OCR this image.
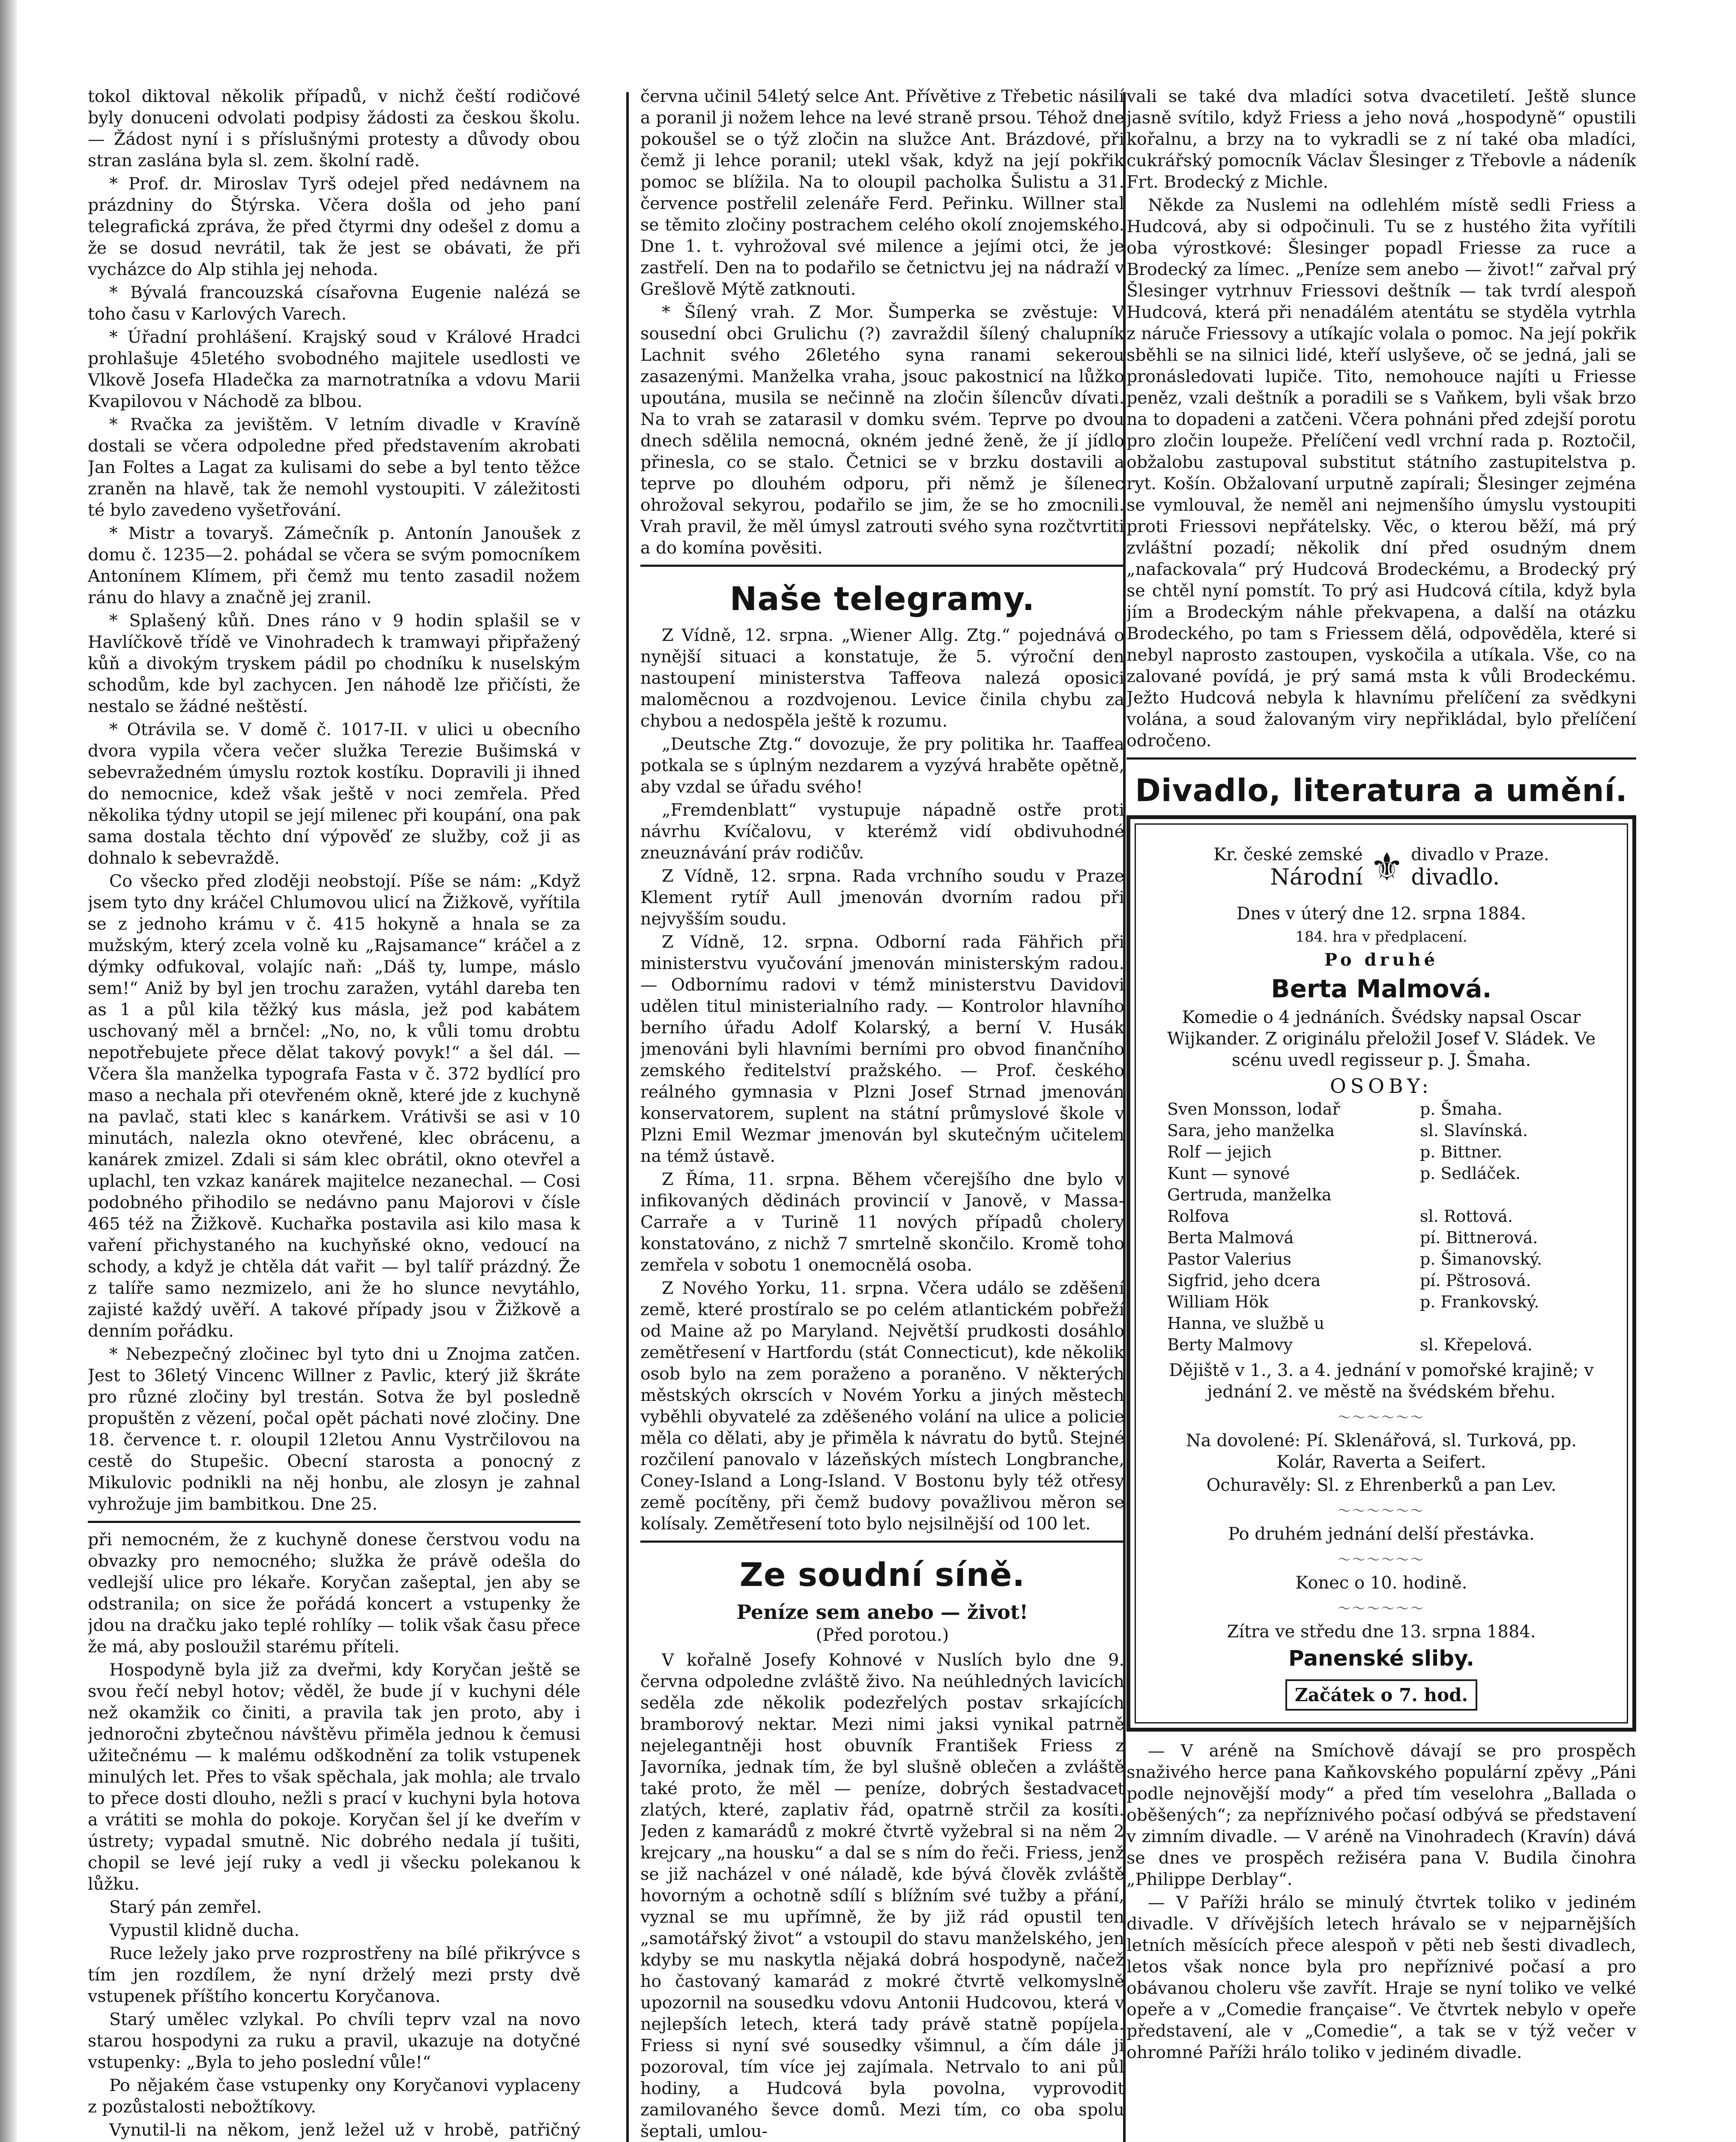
tokol diktoval několik případů, v nichž čeští rodičové byly donuceni odvolati podpisy žádosti za českou školu. — Žádost nyní i s příslušnými protesty a důvody obou stran zaslána byla sl. zem. školní radě.

* Prof. dr. Miroslav Tyrš odejel před nedávnem na prázdniny do Štýrska. Včera došla od jeho paní telegrafická zpráva, že před čtyrmi dny odešel z domu a že se dosud nevrátil, tak že jest se obávati, že při vycházce do Alp stihla jej nehoda.

* Bývalá francouzská císařovna Eugenie nalézá se toho času v Karlových Varech.

* Úřadní prohlášení. Krajský soud v Králové Hradci prohlašuje 45letého svobodného majitele usedlosti ve Vlkově Josefa Hladečka za marnotratníka a vdovu Marii Kvapilovou v Náchodě za blbou.

* Rvačka za jevištěm. V letním divadle v Kravíně dostali se včera odpoledne před představením akrobati Jan Foltes a Lagat za kulisami do sebe a byl tento těžce zraněn na hlavě, tak že nemohl vystoupiti. V záležitosti té bylo zavedeno vyšetřování.

* Mistr a tovaryš. Zámečník p. Antonín Janoušek z domu č. 1235—2. pohádal se včera se svým pomocníkem Antonínem Klímem, při čemž mu tento zasadil nožem ránu do hlavy a značně jej zranil.

* Splašený kůň. Dnes ráno v 9 hodin splašil se v Havlíčkově třídě ve Vinohradech k tramwayi připřažený kůň a divokým tryskem pádil po chodníku k nuselským schodům, kde byl zachycen. Jen náhodě lze přičísti, že nestalo se žádné neštěstí.

* Otrávila se. V domě č. 1017-II. v ulici u obecního dvora vypila včera večer služka Terezie Bušimská v sebevražedném úmyslu roztok kostíku. Dopravili ji ihned do nemocnice, kdež však ještě v noci zemřela. Před několika týdny utopil se její milenec při koupání, ona pak sama dostala těchto dní výpověď ze služby, což ji as dohnalo k sebevraždě.

Co všecko před zloději neobstojí. Píše se nám: „Když jsem tyto dny kráčel Chlumovou ulicí na Žižkově, vyřítila se z jednoho krámu v č. 415 hokyně a hnala se za mužským, který zcela volně ku „Rajsamance“ kráčel a z dýmky odfukoval, volajíc naň: „Dáš ty, lumpe, máslo sem!“ Aniž by byl jen trochu zaražen, vytáhl dareba ten as 1 a půl kila těžký kus másla, jež pod kabátem uschovaný měl a brnčel: „No, no, k vůli tomu drobtu nepotřebujete přece dělat takový povyk!“ a šel dál. — Včera šla manželka typografa Fasta v č. 372 bydlící pro maso a nechala při otevřeném okně, které jde z kuchyně na pavlač, stati klec s kanárkem. Vrátivši se asi v 10 minutách, nalezla okno otevřené, klec obrácenu, a kanárek zmizel. Zdali si sám klec obrátil, okno otevřel a uplachl, ten vzkaz kanárek majitelce nezanechal. — Cosi podobného přihodilo se nedávno panu Majorovi v čísle 465 též na Žižkově. Kuchařka postavila asi kilo masa k vaření přichystaného na kuchyňské okno, vedoucí na schody, a když je chtěla dát vařit — byl talíř prázdný. Že z talíře samo nezmizelo, ani že ho slunce nevytáhlo, zajisté každý uvěří. A takové případy jsou v Žižkově a denním pořádku.

* Nebezpečný zločinec byl tyto dni u Znojma zatčen. Jest to 36letý Vincenc Willner z Pavlic, který již škráte pro různé zločiny byl trestán. Sotva že byl posledně propuštěn z vězení, počal opět páchati nové zločiny. Dne 18. července t. r. oloupil 12letou Annu Vystrčilovou na cestě do Stupešic. Obecní starosta a ponocný z Mikulovic podnikli na něj honbu, ale zlosyn je zahnal vyhrožuje jim bambitkou. Dne 25.

při nemocném, že z kuchyně donese čerstvou vodu na obvazky pro nemocného; služka že právě odešla do vedlejší ulice pro lékaře. Koryčan zašeptal, jen aby se odstranila; on sice že pořádá koncert a vstupenky že jdou na dračku jako teplé rohlíky — tolik však času přece že má, aby posloužil starému příteli.

Hospodyně byla již za dveřmi, kdy Koryčan ještě se svou řečí nebyl hotov; věděl, že bude jí v kuchyni déle než okamžik co činiti, a pravila tak jen proto, aby i jednoročni zbytečnou návštěvu přiměla jednou k čemusi užitečnému — k malému odškodnění za tolik vstupenek minulých let. Přes to však spěchala, jak mohla; ale trvalo to přece dosti dlouho, nežli s prací v kuchyni byla hotova a vrátiti se mohla do pokoje. Koryčan šel jí ke dveřím v ústrety; vypadal smutně. Nic dobrého nedala jí tušiti, chopil se levé její ruky a vedl ji všecku polekanou k lůžku.

Starý pán zemřel.

Vypustil klidně ducha.

Ruce ležely jako prve rozprostřeny na bílé přikrývce s tím jen rozdílem, že nyní drželý mezi prsty dvě vstupenek příštího koncertu Koryčanova.

Starý umělec vzlykal. Po chvíli teprv vzal na novo starou hospodyni za ruku a pravil, ukazuje na dotyčné vstupenky: „Byla to jeho poslední vůle!“

Po nějakém čase vstupenky ony Koryčanovi vyplaceny z pozůstalosti nebožtíkovy.

Vynutil-li na někom, jenž ležel už v hrobě, patřičný

června učinil 54letý selce Ant. Přívětive z Třebetic násilí a poranil ji nožem lehce na levé straně prsou. Téhož dne pokoušel se o týž zločin na služce Ant. Brázdové, při čemž ji lehce poranil; utekl však, když na její pokřik pomoc se blížila. Na to oloupil pacholka Šulistu a 31. července postřelil zelenáře Ferd. Peřinku. Willner stal se těmito zločiny postrachem celého okolí znojemského. Dne 1. t. vyhrožoval své milence a jejími otci, že je zastřelí. Den na to podařilo se četnictvu jej na nádraží v Grešlově Mýtě zatknouti.

* Šílený vrah. Z Mor. Šumperka se zvěstuje: V sousední obci Grulichu (?) zavraždil šílený chalupník Lachnit svého 26letého syna ranami sekerou zasazenými. Manželka vraha, jsouc pakostnicí na lůžko upoutána, musila se nečinně na zločin šílencův dívati. Na to vrah se zatarasil v domku svém. Teprve po dvou dnech sdělila nemocná, okném jedné ženě, že jí jídlo přinesla, co se stalo. Četnici se v brzku dostavili a teprve po dlouhém odporu, při němž je šílenec ohrožoval sekyrou, podařilo se jim, že se ho zmocnili. Vrah pravil, že měl úmysl zatrouti svého syna rozčtvrtiti a do komína pověsiti.

Naše telegramy.

Z Vídně, 12. srpna. „Wiener Allg. Ztg.“ pojednává o nynější situaci a konstatuje, že 5. výroční den nastoupení ministerstva Taffeova nalezá oposici maloměcnou a rozdvojenou. Levice činila chybu za chybou a nedospěla ještě k rozumu.

„Deutsche Ztg.“ dovozuje, že pry politika hr. Taaffea potkala se s úplným nezdarem a vyzývá hraběte opětně, aby vzdal se úřadu svého!

„Fremdenblatt“ vystupuje nápadně ostře proti návrhu Kvíčalovu, v kterémž vidí obdivuhodné zneuznávání práv rodičův.

Z Vídně, 12. srpna. Rada vrchního soudu v Praze Klement rytíř Aull jmenován dvorním radou při nejvyšším soudu.

Z Vídně, 12. srpna. Odborní rada Fähřich při ministerstvu vyučování jmenován ministerským radou. — Odbornímu radovi v témž ministerstvu Davidovi udělen titul ministerialního rady. — Kontrolor hlavního berního úřadu Adolf Kolarský, a berní V. Husák jmenováni byli hlavními berními pro obvod finančního zemského ředitelství pražského. — Prof. českého reálného gymnasia v Plzni Josef Strnad jmenován konservatorem, suplent na státní průmyslové škole v Plzni Emil Wezmar jmenován byl skutečným učitelem na témž ústavě.

Z Říma, 11. srpna. Během včerejšího dne bylo v infikovaných dědinách provincií v Janově, v Massa-Carraře a v Turině 11 nových případů cholery konstatováno, z nichž 7 smrtelně skončilo. Kromě toho zemřela v sobotu 1 onemocnělá osoba.

Z Nového Yorku, 11. srpna. Včera událo se zděšení země, které prostíralo se po celém atlantickém pobřeží od Maine až po Maryland. Největší prudkosti dosáhlo zemětřesení v Hartfordu (stát Connecticut), kde několik osob bylo na zem poraženo a poraněno. V některých městských okrscích v Novém Yorku a jiných městech vyběhli obyvatelé za zděšeného volání na ulice a policie měla co dělati, aby je přiměla k návratu do bytů. Stejné rozčilení panovalo v lázeňských místech Longbranche, Coney-Island a Long-Island. V Bostonu byly též otřesy země pocítěny, při čemž budovy považlivou měron se kolísaly. Zemětřesení toto bylo nejsilnější od 100 let.

Ze soudní síně.
Peníze sem anebo — život!
(Před porotou.)

V kořalně Josefy Kohnové v Nuslích bylo dne 9. června odpoledne zvláště živo. Na neúhledných lavicích seděla zde několik podezřelých postav srkajících bramborový nektar. Mezi nimi jaksi vynikal patrně nejelegantněji host obuvník František Friess z Javorníka, jednak tím, že byl slušně oblečen a zvláště také proto, že měl — peníze, dobrých šestadvacet zlatých, které, zaplativ řád, opatrně strčil za kosíti. Jeden z kamarádů z mokré čtvrtě vyžebral si na něm 2 krejcary „na housku“ a dal se s ním do řeči. Friess, jenž se již nacházel v oné náladě, kde bývá člověk zvláště hovorným a ochotně sdílí s blížním své tužby a přání, vyznal se mu upřímně, že by již rád opustil ten „samotářský život“ a vstoupil do stavu manželského, jen kdyby se mu naskytla nějaká dobrá hospodyně, načež ho častovaný kamarád z mokré čtvrtě velkomyslně upozornil na sousedku vdovu Antonii Hudcovou, která v nejlepších letech, která tady právě statně popíjela. Friess si nyní své sousedky všimnul, a čím dále ji pozoroval, tím více jej zajímala. Netrvalo to ani půl hodiny, a Hudcová byla povolna, vyprovodit zamilovaného ševce domů. Mezi tím, co oba spolu šeptali, umlou-

vali se také dva mladíci sotva dvacetiletí. Ještě slunce jasně svítilo, když Friess a jeho nová „hospodyně“ opustili kořalnu, a brzy na to vykradli se z ní také oba mladíci, cukrářský pomocník Václav Šlesinger z Třebovle a nádeník Frt. Brodecký z Michle.

Někde za Nuslemi na odlehlém místě sedli Friess a Hudcová, aby si odpočinuli. Tu se z hustého žita vyřítili oba výrostkové: Šlesinger popadl Friesse za ruce a Brodecký za límec. „Peníze sem anebo — život!“ zařval prý Šlesinger vytrhnuv Friessovi deštník — tak tvrdí alespoň Hudcová, která při nenadálém atentátu se styděla vytrhla z náruče Friessovy a utíkajíc volala o pomoc. Na její pokřik sběhli se na silnici lidé, kteří uslyševe, oč se jedná, jali se pronásledovati lupiče. Tito, nemohouce najíti u Friesse peněz, vzali deštník a poradili se s Vaňkem, byli však brzo na to dopadeni a zatčeni. Včera pohnáni před zdejší porotu pro zločin loupeže. Přelíčení vedl vrchní rada p. Roztočil, obžalobu zastupoval substitut státního zastupitelstva p. ryt. Košín. Obžalovaní urputně zapírali; Šlesinger zejména se vymlouval, že neměl ani nejmenšího úmyslu vystoupiti proti Friessovi nepřátelsky. Věc, o kterou běží, má prý zvláštní pozadí; několik dní před osudným dnem „nafackovala“ prý Hudcová Brodeckému, a Brodecký prý se chtěl nyní pomstít. To prý asi Hudcová cítila, když byla jím a Brodeckým náhle překvapena, a další na otázku Brodeckého, po tam s Friessem dělá, odpověděla, které si nebyl naprosto zastoupen, vyskočila a utíkala. Vše, co na zalované povídá, je prý samá msta k vůli Brodeckému. Ježto Hudcová nebyla k hlavnímu přelíčení za svědkyni volána, a soud žalovaným viry nepřikládal, bylo přelíčení odročeno.

Divadlo, literatura a umění.
Kr. české zemské
Národní ⚜ divadlo v Praze.
divadlo.
Dnes v úterý dne 12. srpna 1884.
184. hra v předplacení.
Po druhé
Berta Malmová.
Komedie o 4 jednáních. Švédsky napsal Oscar Wijkander. Z originálu přeložil Josef V. Sládek. Ve scénu uvedl regisseur p. J. Šmaha.
OSOBY:
Sven Monsson, lodař	p. Šmaha.
Sara, jeho manželka	sl. Slavínská.
Rolf — jejich	p. Bittner.
Kunt — synové	p. Sedláček.
Gertruda, manželka	
Rolfova	sl. Rottová.
Berta Malmová	pí. Bittnerová.
Pastor Valerius	p. Šimanovský.
Sigfrid, jeho dcera	pí. Pštrosová.
William Hök	p. Frankovský.
Hanna, ve službě u	
Berty Malmovy	sl. Křepelová.
Dějiště v 1., 3. a 4. jednání v pomořské krajině; v jednání 2. ve městě na švédském břehu.
〜〜〜〜〜〜
Na dovolené: Pí. Sklenářová, sl. Turková, pp. Kolár, Raverta a Seifert.
Ochuravěly: Sl. z Ehrenberků a pan Lev.
〜〜〜〜〜〜
Po druhém jednání delší přestávka.
〜〜〜〜〜〜
Konec o 10. hodině.
〜〜〜〜〜〜
Zítra ve středu dne 13. srpna 1884.
Panenské sliby.
Začátek o 7. hod.

— V aréně na Smíchově dávají se pro prospěch snaživého herce pana Kaňkovského populární zpěvy „Páni podle nejnovější mody“ a před tím veselohra „Ballada o oběšených“; za nepříznivého počasí odbývá se představení v zimním divadle. — V aréně na Vinohradech (Kravín) dává se dnes ve prospěch režiséra pana V. Budila činohra „Philippe Derblay“.

— V Paříži hrálo se minulý čtvrtek toliko v jediném divadle. V dřívějších letech hrávalo se v nejparnějších letních měsících přece alespoň v pěti neb šesti divadlech, letos však nonce byla pro nepříznivé počasí a pro obávanou choleru vše zavřít. Hraje se nyní toliko ve velké opeře a v „Comedie française“. Ve čtvrtek nebylo v opeře představení, ale v „Comedie“, a tak se v týž večer v ohromné Paříži hrálo toliko v jediném divadle.
